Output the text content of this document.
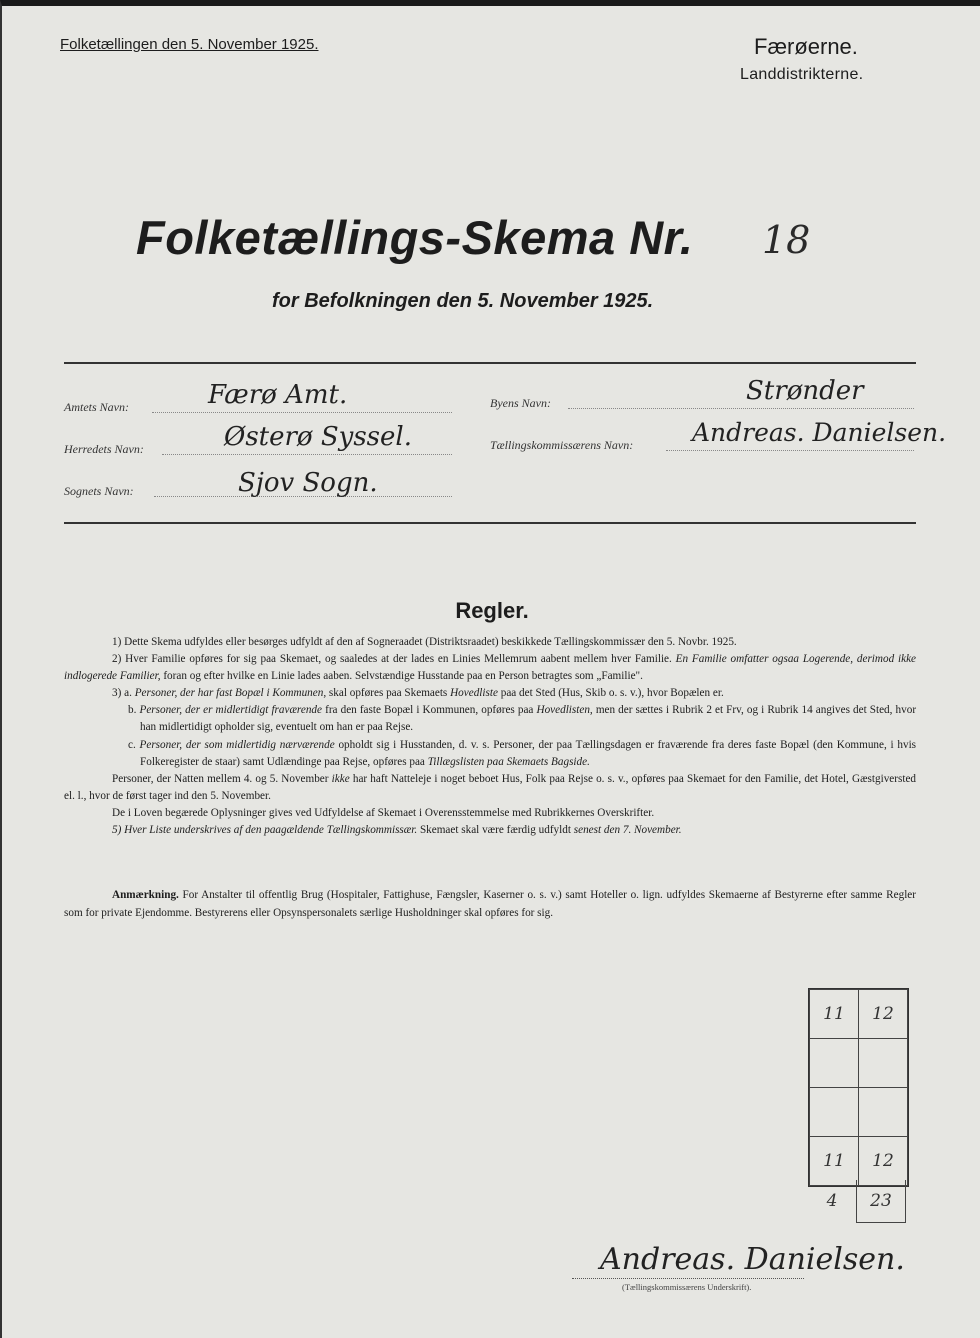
Folketællingen den 5. November 1925.	Færøerne.
Landdistrikterne.
Folketællings-Skema Nr. 18
for Befolkningen den 5. November 1925.
Amtets Navn:	Færø Amt.
Herredets Navn:	Østerø Syssel.
Sognets Navn:	Sjov Sogn.
Byens Navn:	Strønder
Tællingskommissærens Navn: Andreas. Danielsen.
Regler.

1) Dette Skema udfyldes eller besørges udfyldt af den af Sogneraadet (Distriktsraadet) beskikkede Tællingskommissær den 5. Novbr. 1925.

2) Hver Familie opføres for sig paa Skemaet, og saaledes at der lades en Linies Mellemrum aabent mellem hver Familie. En Familie omfatter ogsaa Logerende, derimod ikke indlogerede Familier, foran og efter hvilke en Linie lades aaben. Selvstændige Husstande paa en Person betragtes som „Familie".

3) a. Personer, der har fast Bopæl i Kommunen, skal opføres paa Skemaets Hovedliste paa det Sted (Hus, Skib o. s. v.), hvor Bopælen er.

b. Personer, der er midlertidigt fraværende fra den faste Bopæl i Kommunen, opføres paa Hovedlisten, men der sættes i Rubrik 2 et Frv, og i Rubrik 14 angives det Sted, hvor han midlertidigt opholder sig, eventuelt om han er paa Rejse.

c. Personer, der som midlertidig nærværende opholdt sig i Husstanden, d. v. s. Personer, der paa Tællingsdagen er fraværende fra deres faste Bopæl (den Kommune, i hvis Folkeregister de staar) samt Udlændinge paa Rejse, opføres paa Tillægslisten paa Skemaets Bagside.

Personer, der Natten mellem 4. og 5. November ikke har haft Natteleje i noget beboet Hus, Folk paa Rejse o. s. v., opføres paa Skemaet for den Familie, det Hotel, Gæstgiversted el. l., hvor de først tager ind den 5. November.

De i Loven begærede Oplysninger gives ved Udfyldelse af Skemaet i Overensstemmelse med Rubrikkernes Overskrifter.

5) Hver Liste underskrives af den paagældende Tællingskommissær. Skemaet skal være færdig udfyldt senest den 7. November.

Anmærkning. For Anstalter til offentlig Brug (Hospitaler, Fattighuse, Fængsler, Kaserner o. s. v.) samt Hoteller o. lign. udfyldes Skemaerne af Bestyrerne efter samme Regler som for private Ejendomme. Bestyrerens eller Opsynspersonalets særlige Husholdninger skal opføres for sig.
11	12

11	12
4	23
Andreas. Danielsen.
(Tællingskommissærens Underskrift).
